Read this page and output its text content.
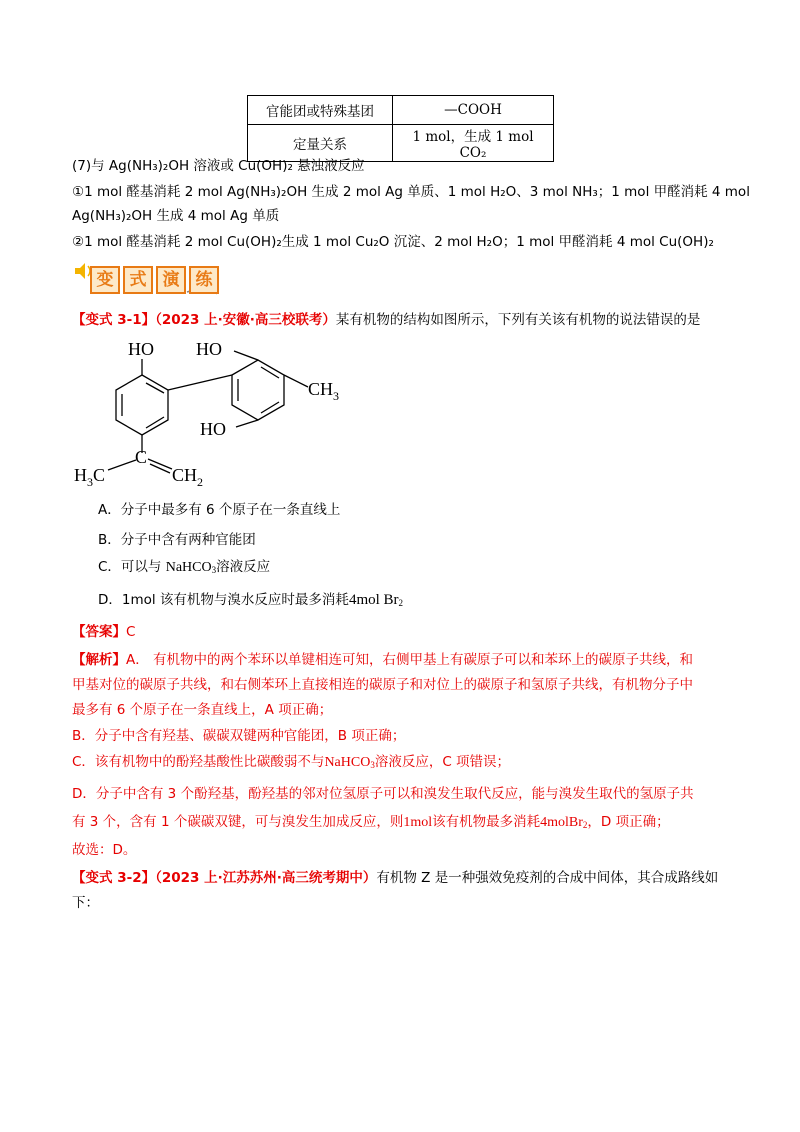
官能团或特殊基团	—COOH
定量关系	1 mol，生成 1 mol CO₂
(7)与 Ag(NH₃)₂OH 溶液或 Cu(OH)₂ 悬浊液反应
①1 mol 醛基消耗 2 mol Ag(NH₃)₂OH 生成 2 mol Ag 单质、1 mol H₂O、3 mol NH₃；1 mol 甲醛消耗 4 mol
Ag(NH₃)₂OH 生成 4 mol Ag 单质
②1 mol 醛基消耗 2 mol Cu(OH)₂生成 1 mol Cu₂O 沉淀、2 mol H₂O；1 mol 甲醛消耗 4 mol Cu(OH)₂
变 式 演 练
【变式 3-1】（2023 上·安徽·高三校联考）某有机物的结构如图所示，下列有关该有机物的说法错误的是
HO HO
$CH_3$
HO
$H_3C$
C
$CH_2$
A．分子中最多有 6 个原子在一条直线上
B．分子中含有两种官能团
C．可以与 NaHCO$_3$溶液反应
D．1mol 该有机物与溴水反应时最多消耗4mol $Br_2$
【答案】C
【解析】A． 有机物中的两个苯环以单键相连可知，右侧甲基上有碳原子可以和苯环上的碳原子共线，和
甲基对位的碳原子共线，和右侧苯环上直接相连的碳原子和对位上的碳原子和氢原子共线，有机物分子中
最多有 6 个原子在一条直线上，A 项正确；
B．分子中含有羟基、碳碳双键两种官能团，B 项正确；
C．该有机物中的酚羟基酸性比碳酸弱不与NaHCO$_3$溶液反应，C 项错误；
D．分子中含有 3 个酚羟基，酚羟基的邻对位氢原子可以和溴发生取代反应，能与溴发生取代的氢原子共
有 3 个，含有 1 个碳碳双键，可与溴发生加成反应，则1mol该有机物最多消耗4molBr$_2$，D 项正确；
故选：D。
【变式 3-2】（2023 上·江苏苏州·高三统考期中）有机物 Z 是一种强效免疫剂的合成中间体，其合成路线如
下：
